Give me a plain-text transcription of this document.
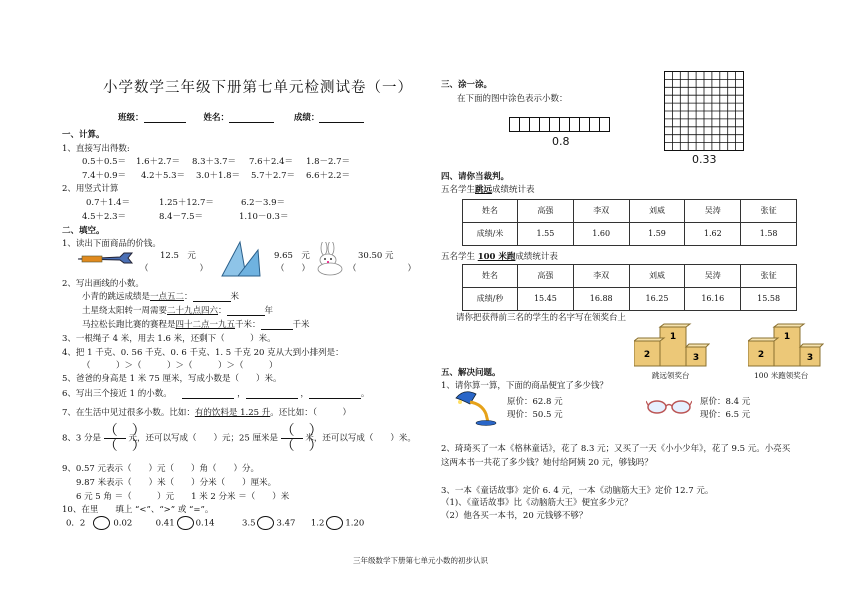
小学数学三年级下册第七单元检测试卷（一）
班级：	姓名：	成绩：
一、计算。
1、直接写出得数:
0.5＋0.5＝ 1.6＋2.7＝ 8.3＋3.7＝ 7.6＋2.4＝ 1.8－2.7＝
7.4＋0.9＝ 4.2＋5.3＝ 3.0＋1.8＝ 5.7＋2.7＝ 6.6＋2.2＝
2、用竖式计算
0.7＋1.4＝	1.25＋12.7＝	6.2－3.9＝
4.5＋2.3＝	8.4－7.5＝	1.10－0.3＝
二、填空。
1、读出下面商品的价钱。
12.5　元
（　　　　　　）
9.65　元
（　　）
30.50 元
（　　　　　　）
2、写出画线的小数。
小青的跳远成绩是一点五二：	米
土星绕太阳转一周需要二十九点四六：	年
马拉松长跑比赛的赛程是四十二点一九五千米：	千米
3、一根绳子 4 米，用去 1.6 米，还剩下（　　　）米。
4、把 1 千克、0. 56 千克、0. 6 千克、1. 5 千克 20 克从大到小排列是：
（　　　）＞（　　　）＞（　　　）＞（　　　）
5、爸爸的身高是 1 米 75 厘米，写成小数是（　　）米。
6、写出三个接近 1 的小数。	，	，	。
7、在生活中见过很多小数。比如：有的饮料是 1.25 升。还比如：（　　　）
8、3 分是 $\frac{( )}{( )}$ 元，还可以写成（　　）元；25 厘米是 $\frac{( )}{( )}$ 米，还可以写成（　　）米。
9、0.57 元表示（　　）元（　　）角（　　）分。
9.87 米表示（　　）米（　　）分米（　　）厘米。
6 元 5 角 ＝（　　　）元　　1 米 2 分米 ＝（　　）米
10、在里　　填上 “<”、“>” 或 “=”。
0．2	0.02	0.41 0.14	3.5 3.47 1.2 1.20
三、涂一涂。
在下面的图中涂色表示小数：
0.8
0.33
四、请你当裁判。
五名学生跳远成绩统计表
姓名	高强	李双	刘威	吴涛	张征
成绩/米	1.55	1.60	1.59	1.62	1.58
五名学生 100 米跑成绩统计表
姓名	高强	李双	刘威	吴涛	张征
成绩/秒	15.45	16.88	16.25	16.16	15.58
请你把获得前三名的学生的名字写在领奖台上
1
2	3
跳远领奖台
1
2	3
100 米跑领奖台
五、解决问题。
1、请你算一算，下面的商品便宜了多少钱？
原价：62.8 元
现价：50.5 元
原价：8.4 元
现价：6.5 元
2、琦琦买了一本《格林童话》，花了 8.3 元；又买了一天《小小少年》，花了 9.5 元。小亮买
这两本书一共花了多少钱？她付给阿姨 20 元，够钱吗？
3、一本《童话故事》定价 6. 4 元，一本《动脑筋大王》定价 12.7 元。
（1)、《童话故事》比《动脑筋大王》便宜多少元？
（2）他各买一本书，20 元钱够不够？
三年级数学下册第七单元小数的初步认识
